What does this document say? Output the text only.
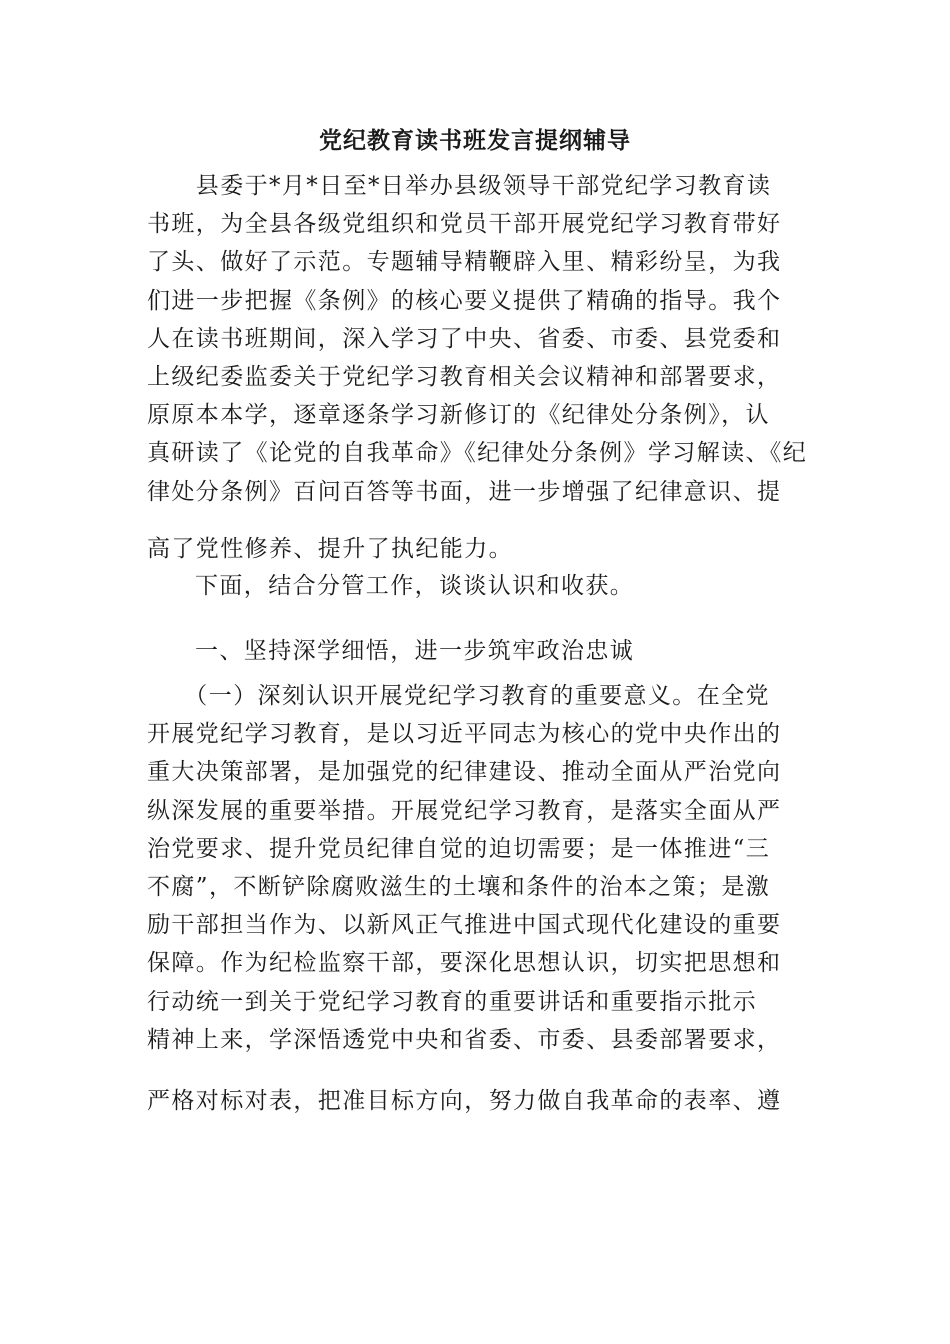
党纪教育读书班发言提纲辅导
　　县委于*月*日至*日举办县级领导干部党纪学习教育读
书班，为全县各级党组织和党员干部开展党纪学习教育带好
了头、做好了示范。专题辅导精鞭辟入里、精彩纷呈，为我
们进一步把握《条例》的核心要义提供了精确的指导。我个
人在读书班期间，深入学习了中央、省委、市委、县党委和
上级纪委监委关于党纪学习教育相关会议精神和部署要求，
原原本本学，逐章逐条学习新修订的《纪律处分条例》，认
真研读了《论党的自我革命》《纪律处分条例》学习解读、《纪
律处分条例》百问百答等书面，进一步增强了纪律意识、提
高了党性修养、提升了执纪能力。
下面，结合分管工作，谈谈认识和收获。
一、坚持深学细悟，进一步筑牢政治忠诚
　　（一）深刻认识开展党纪学习教育的重要意义。在全党
开展党纪学习教育，是以习近平同志为核心的党中央作出的
重大决策部署，是加强党的纪律建设、推动全面从严治党向
纵深发展的重要举措。开展党纪学习教育，是落实全面从严
治党要求、提升党员纪律自觉的迫切需要；是一体推进“三
不腐”，不断铲除腐败滋生的土壤和条件的治本之策；是激
励干部担当作为、以新风正气推进中国式现代化建设的重要
保障。作为纪检监察干部，要深化思想认识，切实把思想和
行动统一到关于党纪学习教育的重要讲话和重要指示批示
精神上来，学深悟透党中央和省委、市委、县委部署要求，
严格对标对表，把准目标方向，努力做自我革命的表率、遵
